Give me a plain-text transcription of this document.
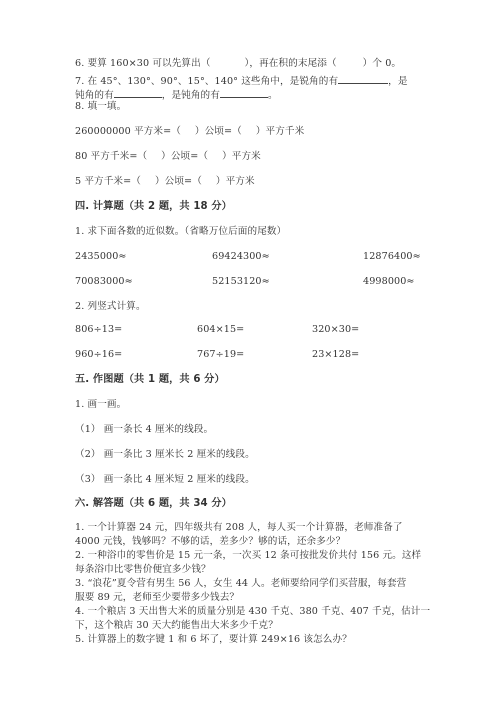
6. 要算 160×30 可以先算出（	），再在积的末尾添（	）个 0。
7. 在 45°、130°、90°、15°、140° 这些角中，是锐角的有	，是
钝角的有	，是钝角的有	。
8. 填一填。
260000000 平方米=（ ）公顷=（ ）平方千米
80 平方千米=（ ）公顷=（ ）平方米
5 平方千米=（ ）公顷=（ ）平方米
四. 计算题（共 2 题，共 18 分）
1. 求下面各数的近似数。（省略万位后面的尾数）
2435000≈	69424300≈	12876400≈
70083000≈	52153120≈	4998000≈
2. 列竖式计算。
806÷13=	604×15=	320×30=
960÷16=	767÷19=	23×128=
五. 作图题（共 1 题，共 6 分）
1. 画一画。
（1） 画一条长 4 厘米的线段。
（2） 画一条比 3 厘米长 2 厘米的线段。
（3） 画一条比 4 厘米短 2 厘米的线段。
六. 解答题（共 6 题，共 34 分）
1. 一个计算器 24 元，四年级共有 208 人，每人买一个计算器，老师准备了
4000 元钱，钱够吗？不够的话，差多少？够的话，还余多少？
2. 一种浴巾的零售价是 15 元一条，一次买 12 条可按批发价共付 156 元。这样
每条浴巾比零售价便宜多少钱？
3. “浪花”夏令营有男生 56 人，女生 44 人。老师要给同学们买营服，每套营
服要 89 元，老师至少要带多少钱去？
4. 一个粮店 3 天出售大米的质量分别是 430 千克、380 千克、407 千克，估计一
下，这个粮店 30 天大约能售出大米多少千克？
5. 计算器上的数字键 1 和 6 坏了，要计算 249×16 该怎么办？
